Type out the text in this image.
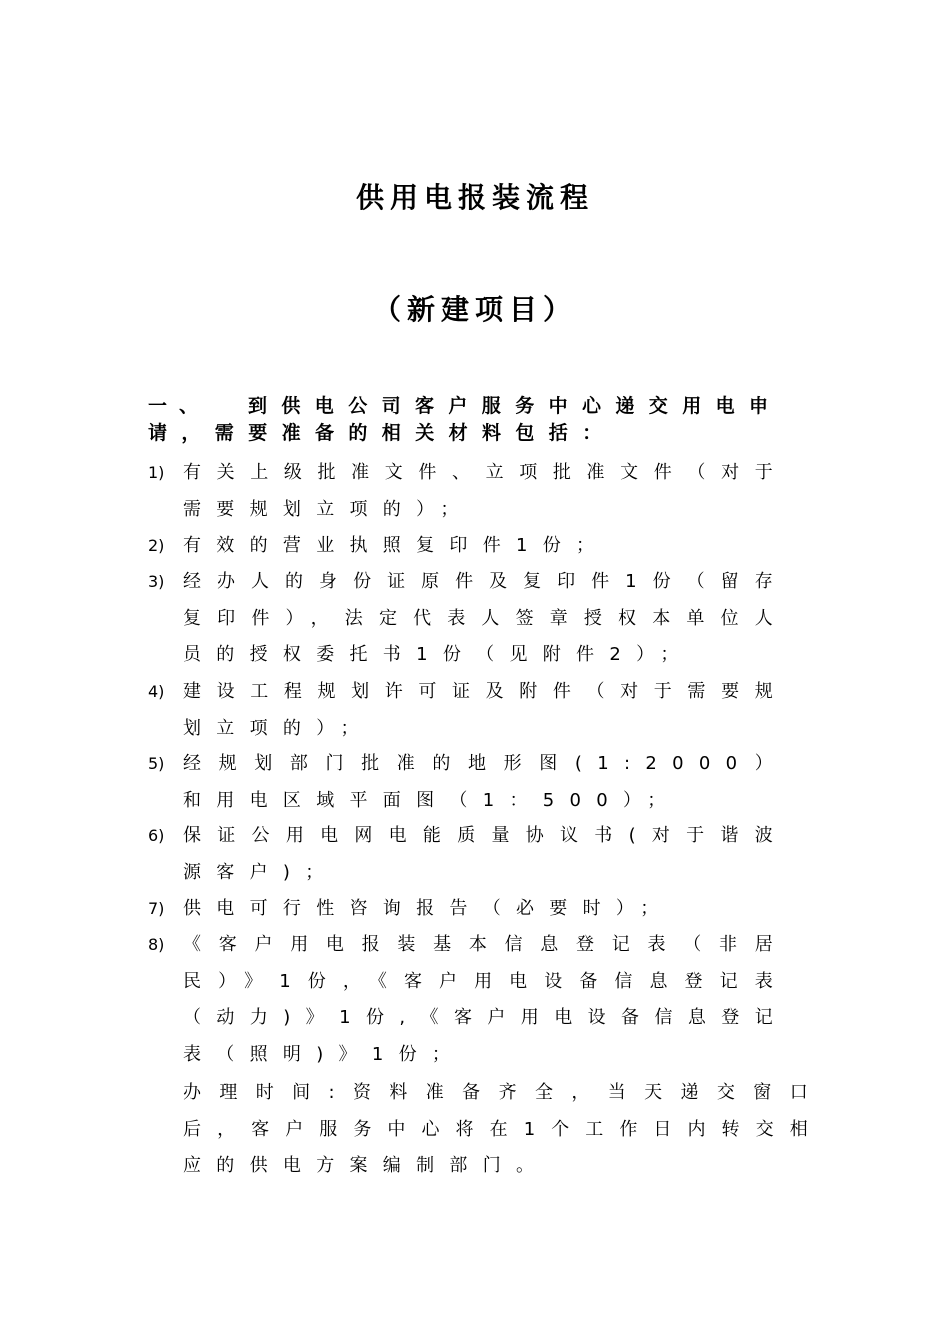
供用电报装流程
（新建项目）
一、 到供电公司客户服务中心递交用电申请，需要准备的相关材料包括：
1)	有关上级批准文件、立项批准文件（对于需要规划立项的）；
2)	有效的营业执照复印件1份；
3)	经办人的身份证原件及复印件1份（留存复印件），法定代表人签章授权本单位人员的授权委托书1份（见附件2）；
4)	建设工程规划许可证及附件（对于需要规划立项的）；
5)	经规划部门批准的地形图(1:2000）和用电区域平面图（1：500）；
6)	保证公用电网电能质量协议书(对于谐波源客户)；
7)	供电可行性咨询报告（必要时）；
8)	《客户用电报装基本信息登记表（非居民）》1份，《客户用电设备信息登记表（动力)》1份,《客户用电设备信息登记表（照明)》1份；
办理时间:资料准备齐全，当天递交窗口后，客户服务中心将在1个工作日内转交相应的供电方案编制部门。
